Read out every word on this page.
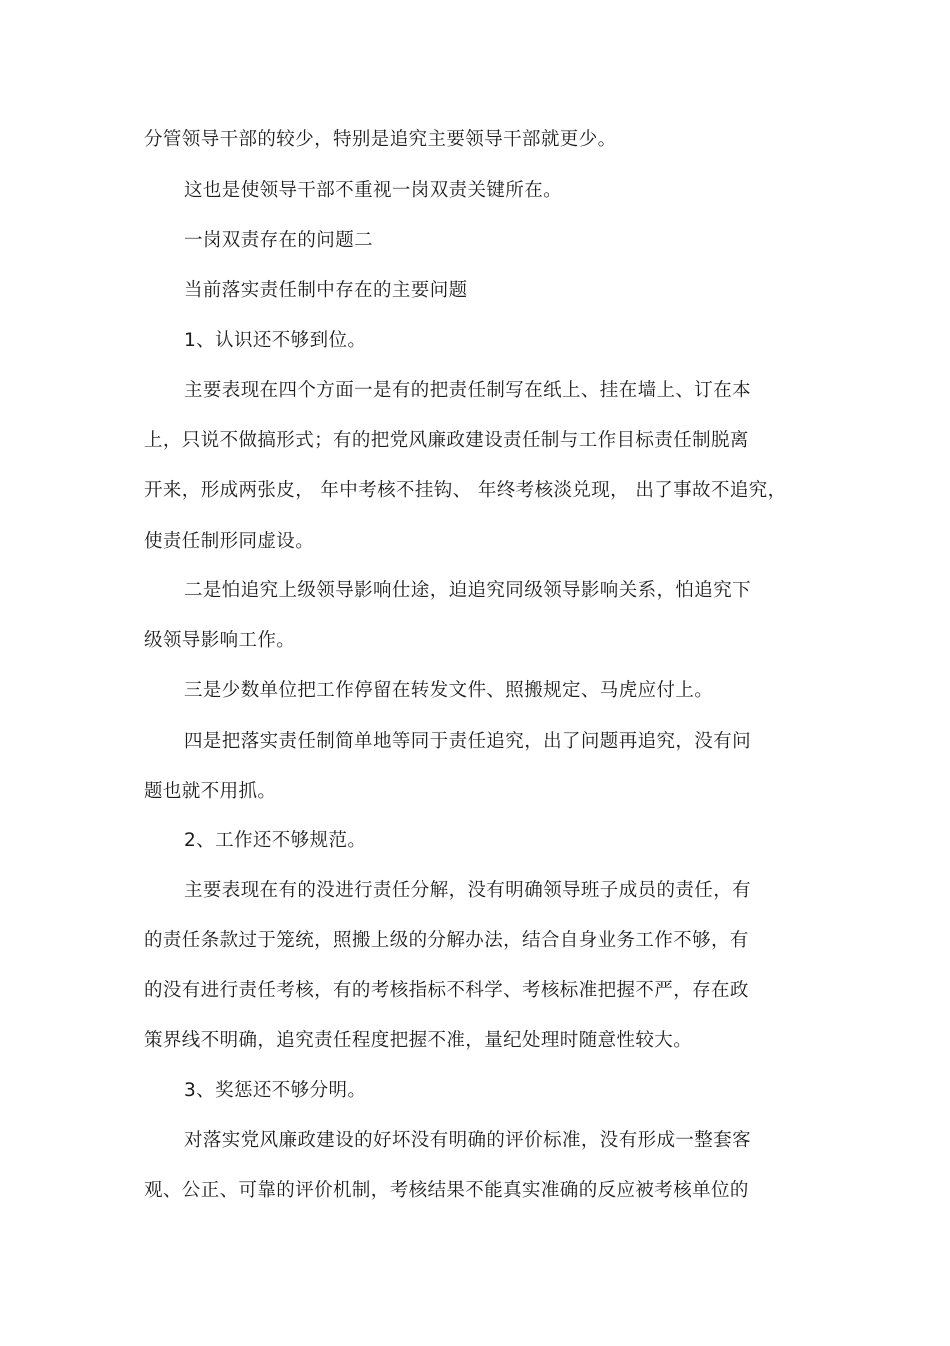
分管领导干部的较少，特别是追究主要领导干部就更少。
这也是使领导干部不重视一岗双责关键所在。
一岗双责存在的问题二
当前落实责任制中存在的主要问题
1、认识还不够到位。
主要表现在四个方面一是有的把责任制写在纸上、挂在墙上、订在本
上，只说不做搞形式；有的把党风廉政建设责任制与工作目标责任制脱离
开来，形成两张皮， 年中考核不挂钩、 年终考核淡兑现， 出了事故不追究，
使责任制形同虚设。
二是怕追究上级领导影响仕途，迫追究同级领导影响关系，怕追究下
级领导影响工作。
三是少数单位把工作停留在转发文件、照搬规定、马虎应付上。
四是把落实责任制简单地等同于责任追究，出了问题再追究，没有问
题也就不用抓。
2、工作还不够规范。
主要表现在有的没进行责任分解，没有明确领导班子成员的责任，有
的责任条款过于笼统，照搬上级的分解办法，结合自身业务工作不够，有
的没有进行责任考核，有的考核指标不科学、考核标准把握不严，存在政
策界线不明确，追究责任程度把握不准，量纪处理时随意性较大。
3、奖惩还不够分明。
对落实党风廉政建设的好坏没有明确的评价标准，没有形成一整套客
观、公正、可靠的评价机制，考核结果不能真实准确的反应被考核单位的
